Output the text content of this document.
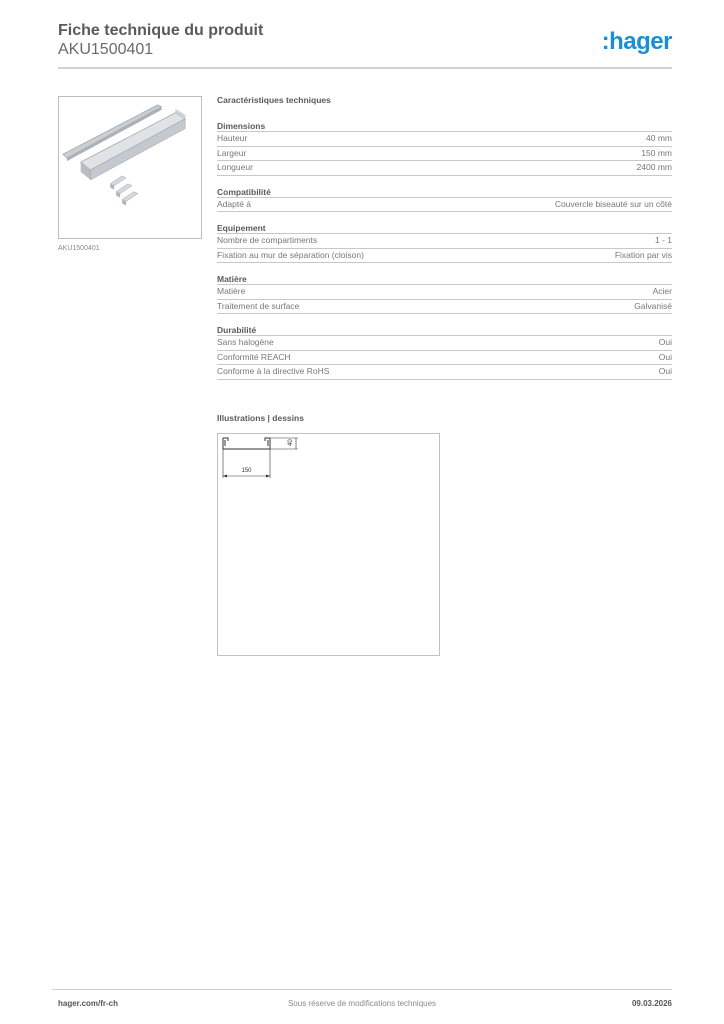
Fiche technique du produit
AKU1500401	:hager
AKU1500401
Caractéristiques techniques
Dimensions
Hauteur	40 mm
Largeur	150 mm
Longueur	2400 mm
Compatibilité
Adapté à	Couvercle biseauté sur un côté
Equipement
Nombre de compartiments	1 - 1
Fixation au mur de séparation (cloison)	Fixation par vis
Matière
Matière	Acier
Traitement de surface	Galvanisé
Durabilité
Sans halogène	Oui
Conformité REACH	Oui
Conforme à la directive RoHS	Oui
Illustrations | dessins
150
40
hager.com/fr-ch	Sous réserve de modifications techniques	09.03.2026
